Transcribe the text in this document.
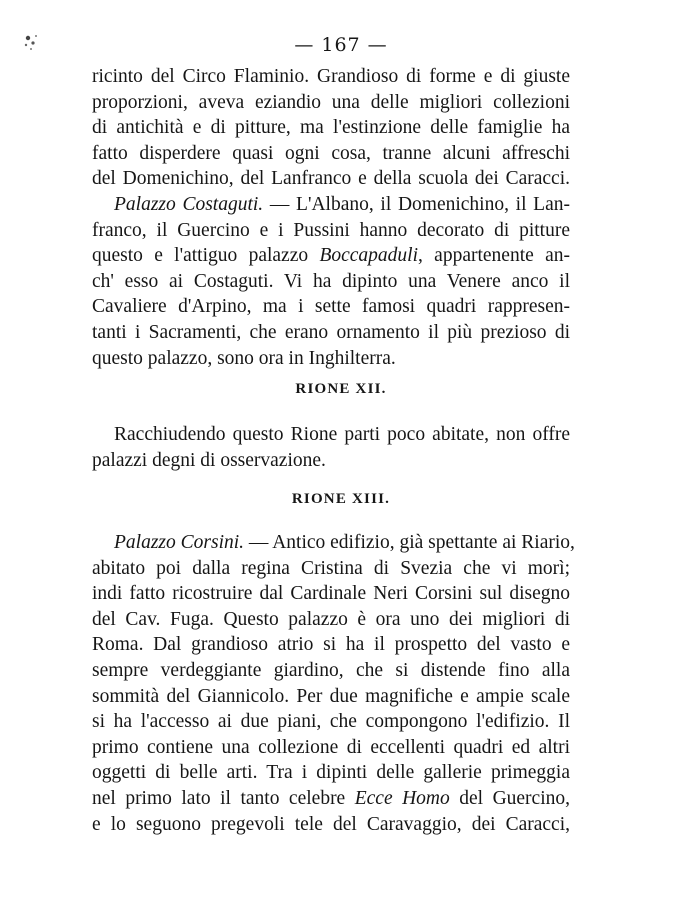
— 167 —
ricinto del Circo Flaminio. Grandioso di forme e di giuste
proporzioni, aveva eziandio una delle migliori collezioni
di antichità e di pitture, ma l'estinzione delle famiglie ha
fatto disperdere quasi ogni cosa, tranne alcuni affreschi
del Domenichino, del Lanfranco e della scuola dei Caracci.
Palazzo Costaguti. — L'Albano, il Domenichino, il Lan-
franco, il Guercino e i Pussini hanno decorato di pitture
questo e l'attiguo palazzo Boccapaduli, appartenente an-
ch' esso ai Costaguti. Vi ha dipinto una Venere anco il
Cavaliere d'Arpino, ma i sette famosi quadri rappresen-
tanti i Sacramenti, che erano ornamento il più prezioso di
questo palazzo, sono ora in Inghilterra.
RIONE XII.
Racchiudendo questo Rione parti poco abitate, non offre
palazzi degni di osservazione.
RIONE XIII.
Palazzo Corsini. — Antico edifizio, già spettante ai Riario,
abitato poi dalla regina Cristina di Svezia che vi morì;
indi fatto ricostruire dal Cardinale Neri Corsini sul disegno
del Cav. Fuga. Questo palazzo è ora uno dei migliori di
Roma. Dal grandioso atrio si ha il prospetto del vasto e
sempre verdeggiante giardino, che si distende fino alla
sommità del Giannicolo. Per due magnifiche e ampie scale
si ha l'accesso ai due piani, che compongono l'edifizio. Il
primo contiene una collezione di eccellenti quadri ed altri
oggetti di belle arti. Tra i dipinti delle gallerie primeggia
nel primo lato il tanto celebre Ecce Homo del Guercino,
e lo seguono pregevoli tele del Caravaggio, dei Caracci,
